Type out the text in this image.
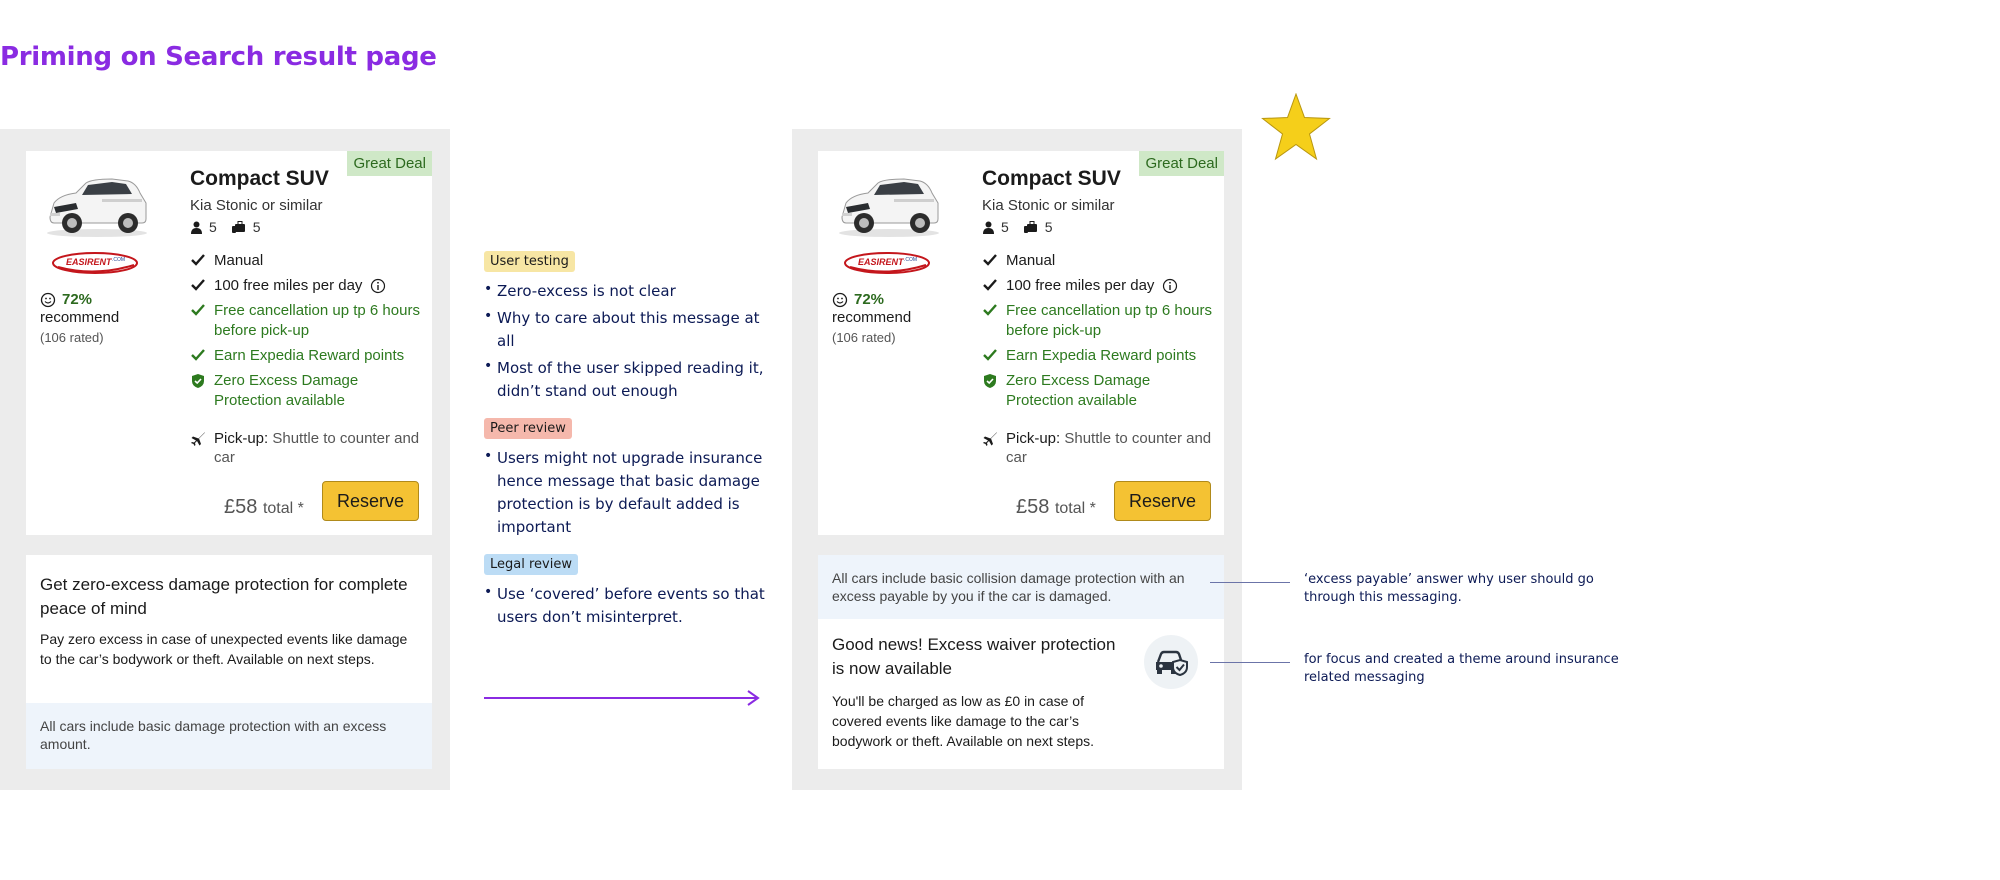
Priming on Search result page
Great Deal
EASIRENT .COM
72%
recommend
(106 rated)
Compact SUV
Kia Stonic or similar
5	5
Manual
100 free miles per day
Free cancellation up tp 6 hours before pick-up
Earn Expedia Reward points
Zero Excess Damage Protection available
Pick-up: Shuttle to counter and car
£58 total *	Reserve
Get zero-excess damage protection for complete peace of mind
Pay zero excess in case of unexpected events like damage to the car’s bodywork or theft. Available on next steps.
All cars include basic damage protection with an excess amount.
User testing
• Zero-excess is not clear
• Why to care about this message at all
• Most of the user skipped reading it, didn’t stand out enough
Peer review
• Users might not upgrade insurance hence message that basic damage protection is by default added is important
Legal review
• Use ‘covered’ before events so that users don’t misinterpret.
Great Deal
EASIRENT .COM
72%
recommend
(106 rated)
Compact SUV
Kia Stonic or similar
5	5
Manual
100 free miles per day
Free cancellation up tp 6 hours before pick-up
Earn Expedia Reward points
Zero Excess Damage Protection available
Pick-up: Shuttle to counter and car
£58 total *	Reserve
All cars include basic collision damage protection with an excess payable by you if the car is damaged.
Good news! Excess waiver protection is now available
You'll be charged as low as £0 in case of covered events like damage to the car’s bodywork or theft. Available on next steps.
‘excess payable’ answer why user should go through this messaging.
for focus and created a theme around insurance related messaging
